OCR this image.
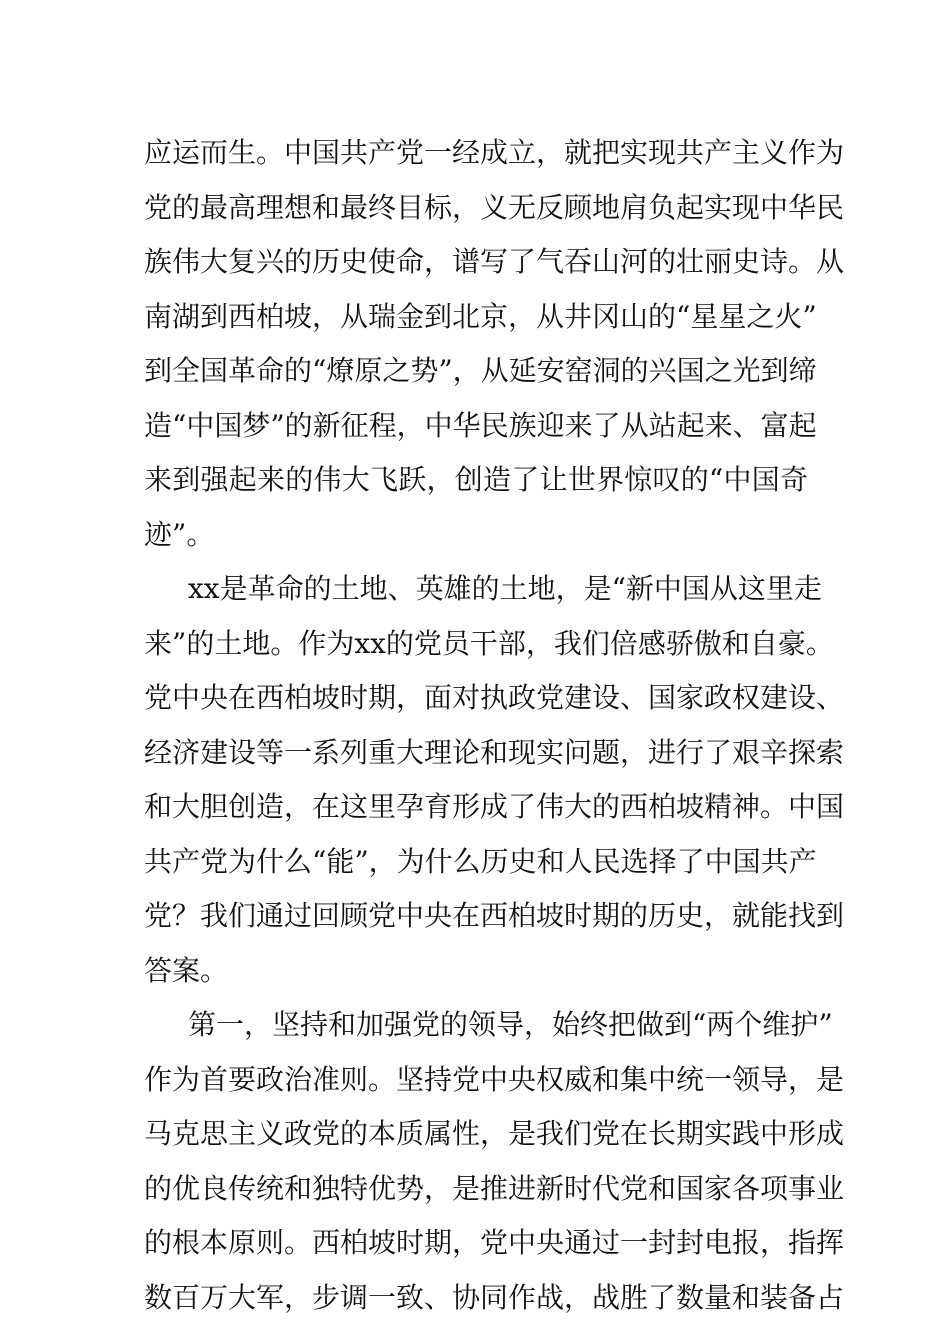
应运而生。中国共产党一经成立，就把实现共产主义作为
党的最高理想和最终目标，义无反顾地肩负起实现中华民
族伟大复兴的历史使命，谱写了气吞山河的壮丽史诗。从
南湖到西柏坡，从瑞金到北京，从井冈山的“星星之火”
到全国革命的“燎原之势”，从延安窑洞的兴国之光到缔
造“中国梦”的新征程，中华民族迎来了从站起来、富起
来到强起来的伟大飞跃，创造了让世界惊叹的“中国奇
迹”。
xx是革命的土地、英雄的土地，是“新中国从这里走
来”的土地。作为xx的党员干部，我们倍感骄傲和自豪。
党中央在西柏坡时期，面对执政党建设、国家政权建设、
经济建设等一系列重大理论和现实问题，进行了艰辛探索
和大胆创造，在这里孕育形成了伟大的西柏坡精神。中国
共产党为什么“能”，为什么历史和人民选择了中国共产
党？我们通过回顾党中央在西柏坡时期的历史，就能找到
答案。
第一，坚持和加强党的领导，始终把做到“两个维护”
作为首要政治准则。坚持党中央权威和集中统一领导，是
马克思主义政党的本质属性，是我们党在长期实践中形成
的优良传统和独特优势，是推进新时代党和国家各项事业
的根本原则。西柏坡时期，党中央通过一封封电报，指挥
数百万大军，步调一致、协同作战，战胜了数量和装备占
